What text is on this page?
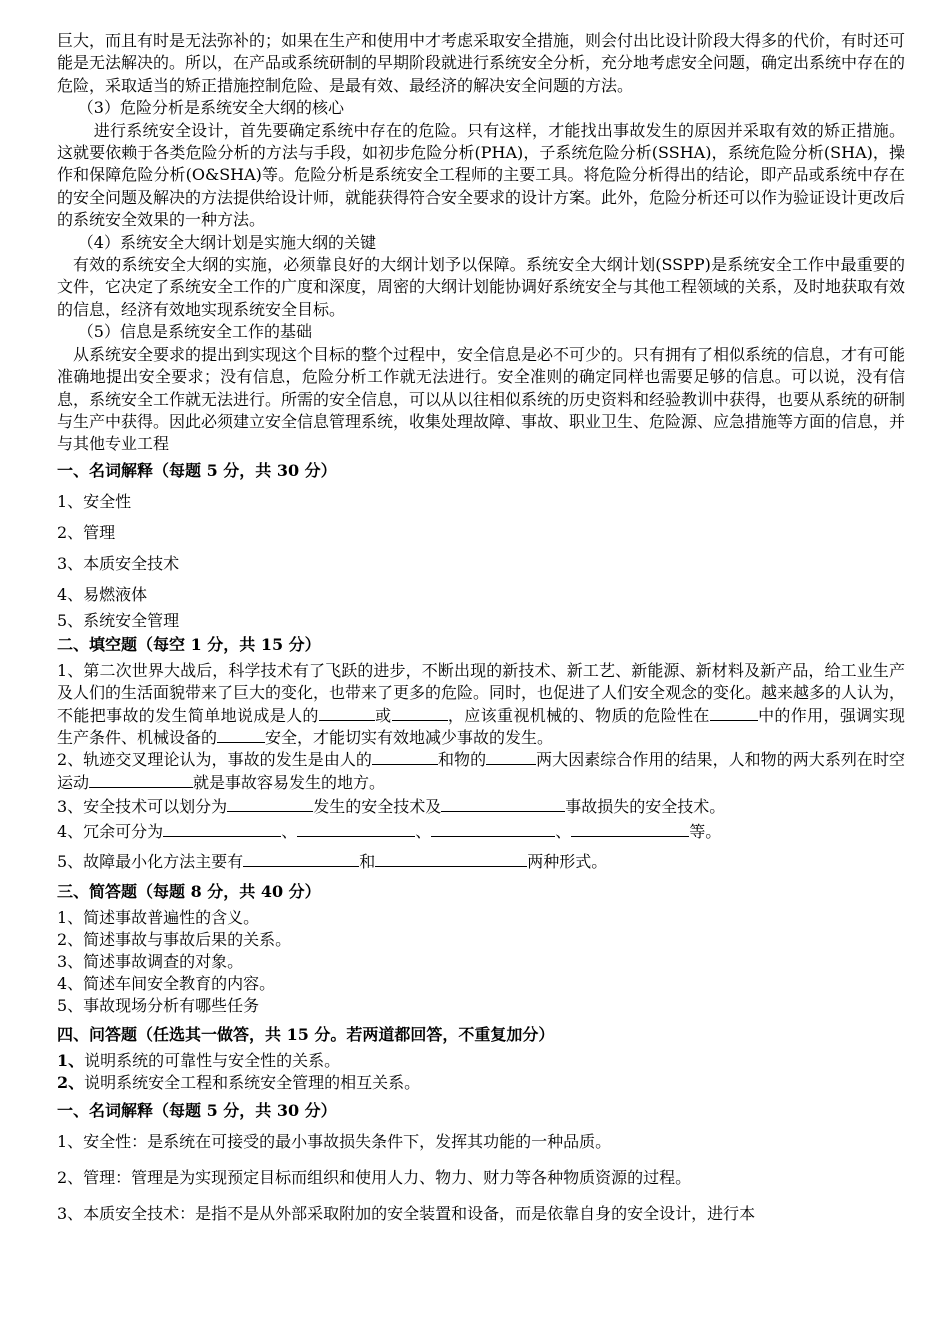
巨大，而且有时是无法弥补的；如果在生产和使用中才考虑采取安全措施，则会付出比设计阶段大得多的代价，有时还可能是无法解决的。所以，在产品或系统研制的早期阶段就进行系统安全分析，充分地考虑安全问题，确定出系统中存在的危险，采取适当的矫正措施控制危险、是最有效、最经济的解决安全问题的方法。

（3）危险分析是系统安全大纲的核心

进行系统安全设计，首先要确定系统中存在的危险。只有这样，才能找出事故发生的原因并采取有效的矫正措施。这就要依赖于各类危险分析的方法与手段，如初步危险分析(PHA)，子系统危险分析(SSHA)，系统危险分析(SHA)，操作和保障危险分析(O&SHA)等。危险分析是系统安全工程师的主要工具。将危险分析得出的结论，即产品或系统中存在的安全问题及解决的方法提供给设计师，就能获得符合安全要求的设计方案。此外，危险分析还可以作为验证设计更改后的系统安全效果的一种方法。

（4）系统安全大纲计划是实施大纲的关键

有效的系统安全大纲的实施，必须靠良好的大纲计划予以保障。系统安全大纲计划(SSPP)是系统安全工作中最重要的文件，它决定了系统安全工作的广度和深度，周密的大纲计划能协调好系统安全与其他工程领域的关系，及时地获取有效的信息，经济有效地实现系统安全目标。

（5）信息是系统安全工作的基础

从系统安全要求的提出到实现这个目标的整个过程中，安全信息是必不可少的。只有拥有了相似系统的信息，才有可能准确地提出安全要求；没有信息，危险分析工作就无法进行。安全准则的确定同样也需要足够的信息。可以说，没有信息，系统安全工作就无法进行。所需的安全信息，可以从以往相似系统的历史资料和经验教训中获得，也要从系统的研制与生产中获得。因此必须建立安全信息管理系统，收集处理故障、事故、职业卫生、危险源、应急措施等方面的信息，并与其他专业工程

一、名词解释（每题 5 分，共 30 分）

1、安全性

2、管理

3、本质安全技术

4、易燃液体

5、系统安全管理

二、填空题（每空 1 分，共 15 分）

1、第二次世界大战后，科学技术有了飞跃的进步，不断出现的新技术、新工艺、新能源、新材料及新产品，给工业生产及人们的生活面貌带来了巨大的变化，也带来了更多的危险。同时，也促进了人们安全观念的变化。越来越多的人认为，不能把事故的发生简单地说成是人的	或	，应该重视机械的、物质的危险性在	中的作用，强调实现生产条件、机械设备的	安全，才能切实有效地减少事故的发生。

2、轨迹交叉理论认为，事故的发生是由人的	和物的	两大因素综合作用的结果，人和物的两大系列在时空运动	就是事故容易发生的地方。

3、安全技术可以划分为	发生的安全技术及	事故损失的安全技术。

4、冗余可分为	、	、	、	等。

5、故障最小化方法主要有	和	两种形式。

三、简答题（每题 8 分，共 40 分）

1、简述事故普遍性的含义。

2、简述事故与事故后果的关系。

3、简述事故调查的对象。

4、简述车间安全教育的内容。

5、事故现场分析有哪些任务

四、问答题（任选其一做答，共 15 分。若两道都回答，不重复加分）

1、说明系统的可靠性与安全性的关系。

2、说明系统安全工程和系统安全管理的相互关系。

一、名词解释（每题 5 分，共 30 分）

1、安全性：是系统在可接受的最小事故损失条件下，发挥其功能的一种品质。

2、管理：管理是为实现预定目标而组织和使用人力、物力、财力等各种物质资源的过程。

3、本质安全技术：是指不是从外部采取附加的安全装置和设备，而是依靠自身的安全设计，进行本
